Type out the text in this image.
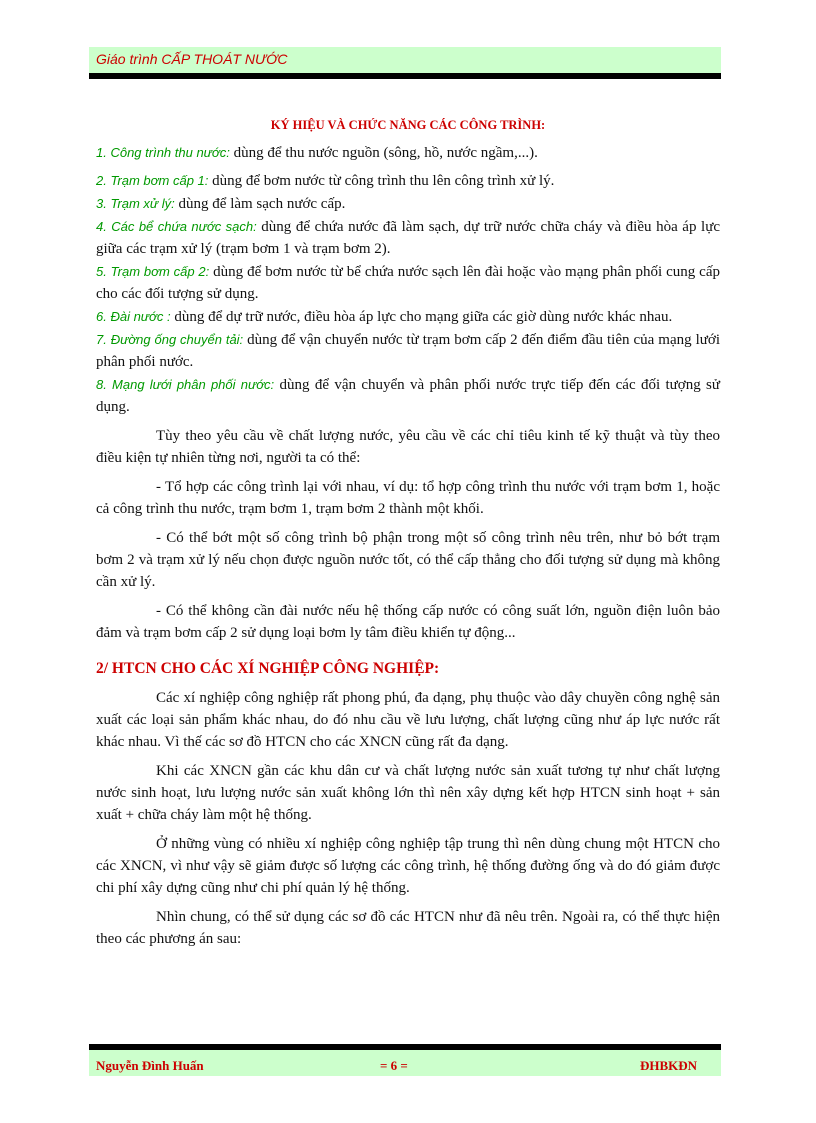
Giáo trình CẤP THOÁT NƯỚC

KÝ HIỆU VÀ CHỨC NĂNG CÁC CÔNG TRÌNH:

1. Công trình thu nước: dùng để thu nước nguồn (sông, hồ, nước ngầm,...).

2. Trạm bơm cấp 1: dùng để bơm nước từ công trình thu lên công trình xử lý.

3. Trạm xử lý: dùng để làm sạch nước cấp.

4. Các bể chứa nước sạch: dùng để chứa nước đã làm sạch, dự trữ nước chữa cháy và điều hòa áp lực giữa các trạm xử lý (trạm bơm 1 và trạm bơm 2).

5. Trạm bơm cấp 2: dùng để bơm nước từ bể chứa nước sạch lên đài hoặc vào mạng phân phối cung cấp cho các đối tượng sử dụng.

6. Đài nước : dùng để dự trữ nước, điều hòa áp lực cho mạng giữa các giờ dùng nước khác nhau.

7. Đường ống chuyển tải: dùng để vận chuyển nước từ trạm bơm cấp 2 đến điểm đầu tiên của mạng lưới phân phối nước.

8. Mạng lưới phân phối nước: dùng để vận chuyển và phân phối nước trực tiếp đến các đối tượng sử dụng.

Tùy theo yêu cầu về chất lượng nước, yêu cầu về các chỉ tiêu kinh tế kỹ thuật và tùy theo điều kiện tự nhiên từng nơi, người ta có thể:

- Tổ hợp các công trình lại với nhau, ví dụ: tổ hợp công trình thu nước với trạm bơm 1, hoặc cả công trình thu nước, trạm bơm 1, trạm bơm 2 thành một khối.

- Có thể bớt một số công trình bộ phận trong một số công trình nêu trên, như bỏ bớt trạm bơm 2 và trạm xử lý nếu chọn được nguồn nước tốt, có thể cấp thẳng cho đối tượng sử dụng mà không cần xử lý.

- Có thể không cần đài nước nếu hệ thống cấp nước có công suất lớn, nguồn điện luôn bảo đảm và trạm bơm cấp 2 sử dụng loại bơm ly tâm điều khiển tự động...

2/ HTCN CHO CÁC XÍ NGHIỆP CÔNG NGHIỆP:

Các xí nghiệp công nghiệp rất phong phú, đa dạng, phụ thuộc vào dây chuyền công nghệ sản xuất các loại sản phẩm khác nhau, do đó nhu cầu về lưu lượng, chất lượng cũng như áp lực nước rất khác nhau. Vì thế các sơ đồ HTCN cho các XNCN cũng rất đa dạng.

Khi các XNCN gần các khu dân cư và chất lượng nước sản xuất tương tự như chất lượng nước sinh hoạt, lưu lượng nước sản xuất không lớn thì nên xây dựng kết hợp HTCN sinh hoạt + sản xuất + chữa cháy làm một hệ thống.

Ở những vùng có nhiều xí nghiệp công nghiệp tập trung thì nên dùng chung một HTCN cho các XNCN, vì như vậy sẽ giảm được số lượng các công trình, hệ thống đường ống và do đó giảm được chi phí xây dựng cũng như chi phí quản lý hệ thống.

Nhìn chung, có thể sử dụng các sơ đồ các HTCN như đã nêu trên. Ngoài ra, có thể thực hiện theo các phương án sau:

Nguyễn Đình Huấn	= 6 =	ĐHBKĐN
